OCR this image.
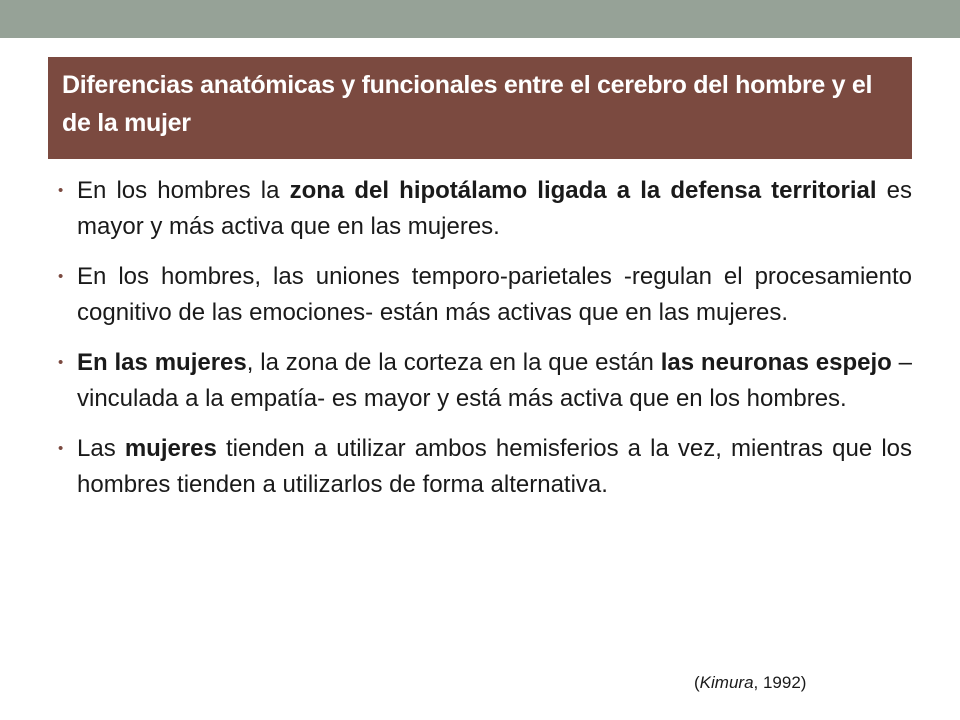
Diferencias anatómicas y funcionales entre el cerebro del hombre y el de la mujer
• En los hombres la zona del hipotálamo ligada a la defensa territorial es mayor y más activa que en las mujeres.
• En los hombres, las uniones temporo-parietales -regulan el procesamiento cognitivo de las emociones- están más activas que en las mujeres.
• En las mujeres, la zona de la corteza en la que están las neuronas espejo –vinculada a la empatía- es mayor y está más activa que en los hombres.
• Las mujeres tienden a utilizar ambos hemisferios a la vez, mientras que los hombres tienden a utilizarlos de forma alternativa.
(Kimura, 1992)
